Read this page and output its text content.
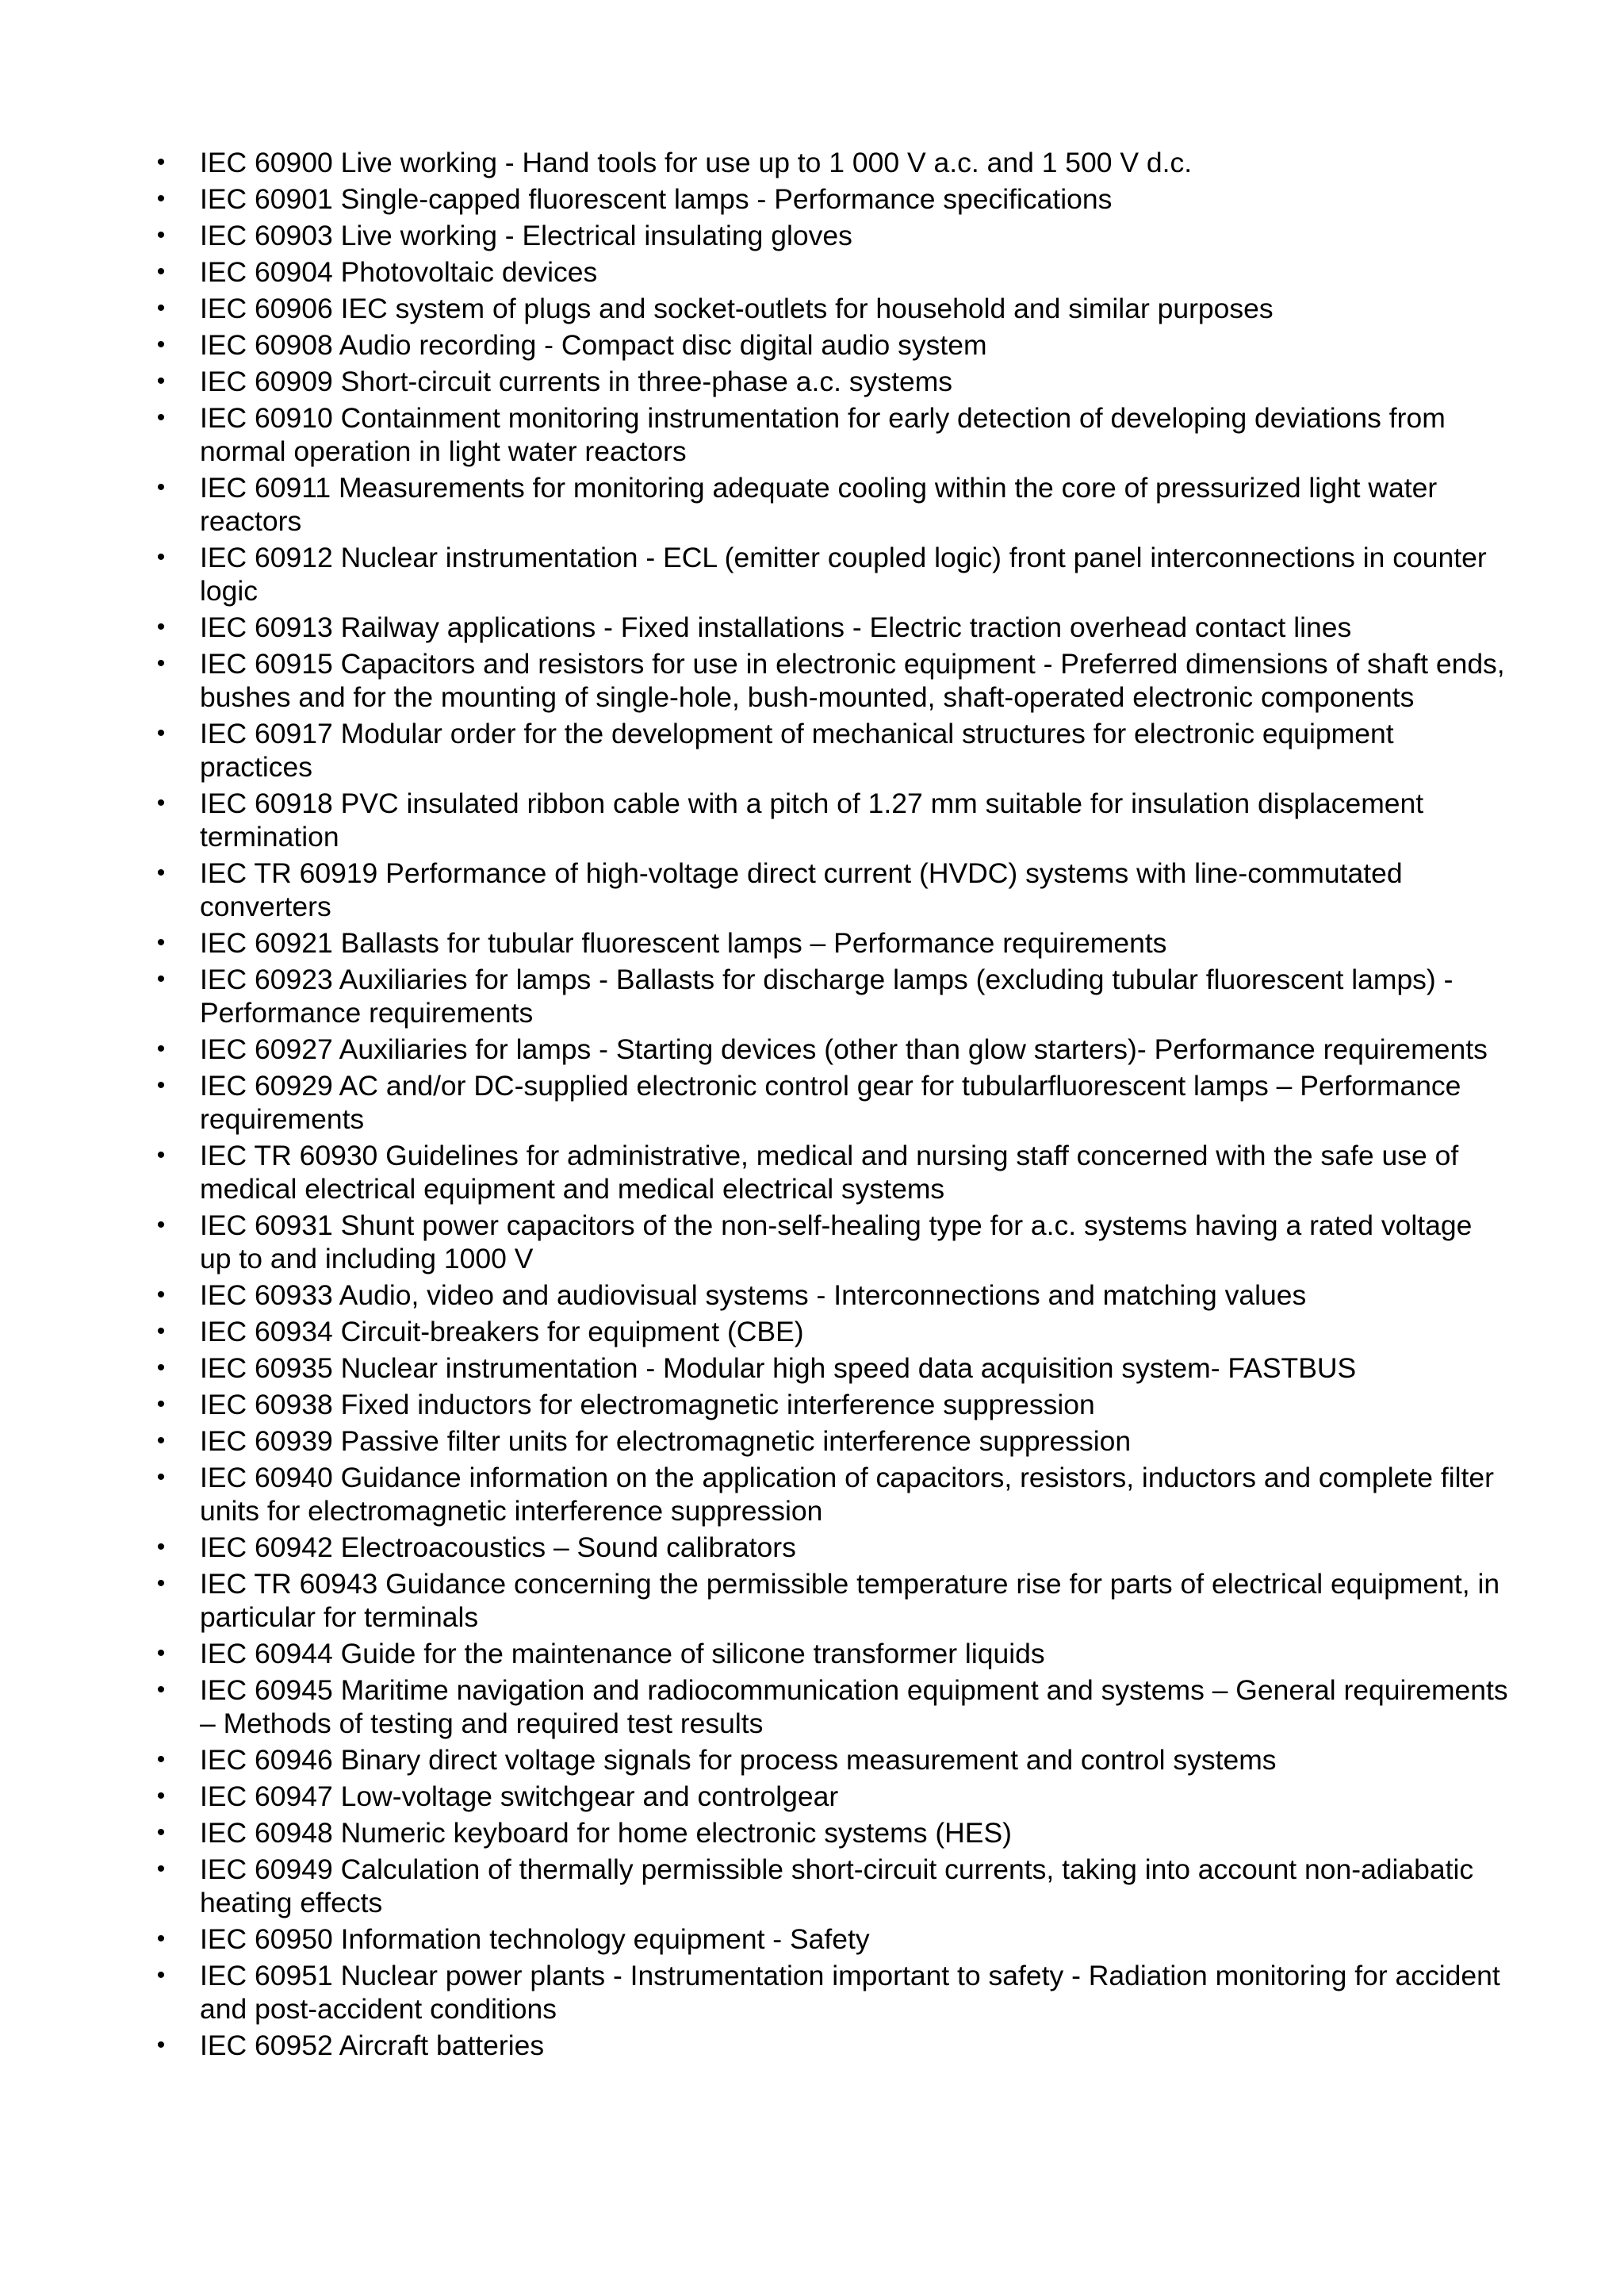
• IEC 60900 Live working - Hand tools for use up to 1 000 V a.c. and 1 500 V d.c.
• IEC 60901 Single-capped fluorescent lamps - Performance specifications
• IEC 60903 Live working - Electrical insulating gloves
• IEC 60904 Photovoltaic devices
• IEC 60906 IEC system of plugs and socket-outlets for household and similar purposes
• IEC 60908 Audio recording - Compact disc digital audio system
• IEC 60909 Short-circuit currents in three-phase a.c. systems
• IEC 60910 Containment monitoring instrumentation for early detection of developing deviations from normal operation in light water reactors
• IEC 60911 Measurements for monitoring adequate cooling within the core of pressurized light water reactors
• IEC 60912 Nuclear instrumentation - ECL (emitter coupled logic) front panel interconnections in counter logic
• IEC 60913 Railway applications - Fixed installations - Electric traction overhead contact lines
• IEC 60915 Capacitors and resistors for use in electronic equipment - Preferred dimensions of shaft ends, bushes and for the mounting of single-hole, bush-mounted, shaft-operated electronic components
• IEC 60917 Modular order for the development of mechanical structures for electronic equipment practices
• IEC 60918 PVC insulated ribbon cable with a pitch of 1.27 mm suitable for insulation displacement termination
• IEC TR 60919 Performance of high-voltage direct current (HVDC) systems with line-commutated converters
• IEC 60921 Ballasts for tubular fluorescent lamps – Performance requirements
• IEC 60923 Auxiliaries for lamps - Ballasts for discharge lamps (excluding tubular fluorescent lamps) - Performance requirements
• IEC 60927 Auxiliaries for lamps - Starting devices (other than glow starters)- Performance requirements
• IEC 60929 AC and/or DC-supplied electronic control gear for tubularfluorescent lamps – Performance requirements
• IEC TR 60930 Guidelines for administrative, medical and nursing staff concerned with the safe use of medical electrical equipment and medical electrical systems
• IEC 60931 Shunt power capacitors of the non-self-healing type for a.c. systems having a rated voltage up to and including 1000 V
• IEC 60933 Audio, video and audiovisual systems - Interconnections and matching values
• IEC 60934 Circuit-breakers for equipment (CBE)
• IEC 60935 Nuclear instrumentation - Modular high speed data acquisition system- FASTBUS
• IEC 60938 Fixed inductors for electromagnetic interference suppression
• IEC 60939 Passive filter units for electromagnetic interference suppression
• IEC 60940 Guidance information on the application of capacitors, resistors, inductors and complete filter units for electromagnetic interference suppression
• IEC 60942 Electroacoustics – Sound calibrators
• IEC TR 60943 Guidance concerning the permissible temperature rise for parts of electrical equipment, in particular for terminals
• IEC 60944 Guide for the maintenance of silicone transformer liquids
• IEC 60945 Maritime navigation and radiocommunication equipment and systems – General requirements – Methods of testing and required test results
• IEC 60946 Binary direct voltage signals for process measurement and control systems
• IEC 60947 Low-voltage switchgear and controlgear
• IEC 60948 Numeric keyboard for home electronic systems (HES)
• IEC 60949 Calculation of thermally permissible short-circuit currents, taking into account non-adiabatic heating effects
• IEC 60950 Information technology equipment - Safety
• IEC 60951 Nuclear power plants - Instrumentation important to safety - Radiation monitoring for accident and post-accident conditions
• IEC 60952 Aircraft batteries
